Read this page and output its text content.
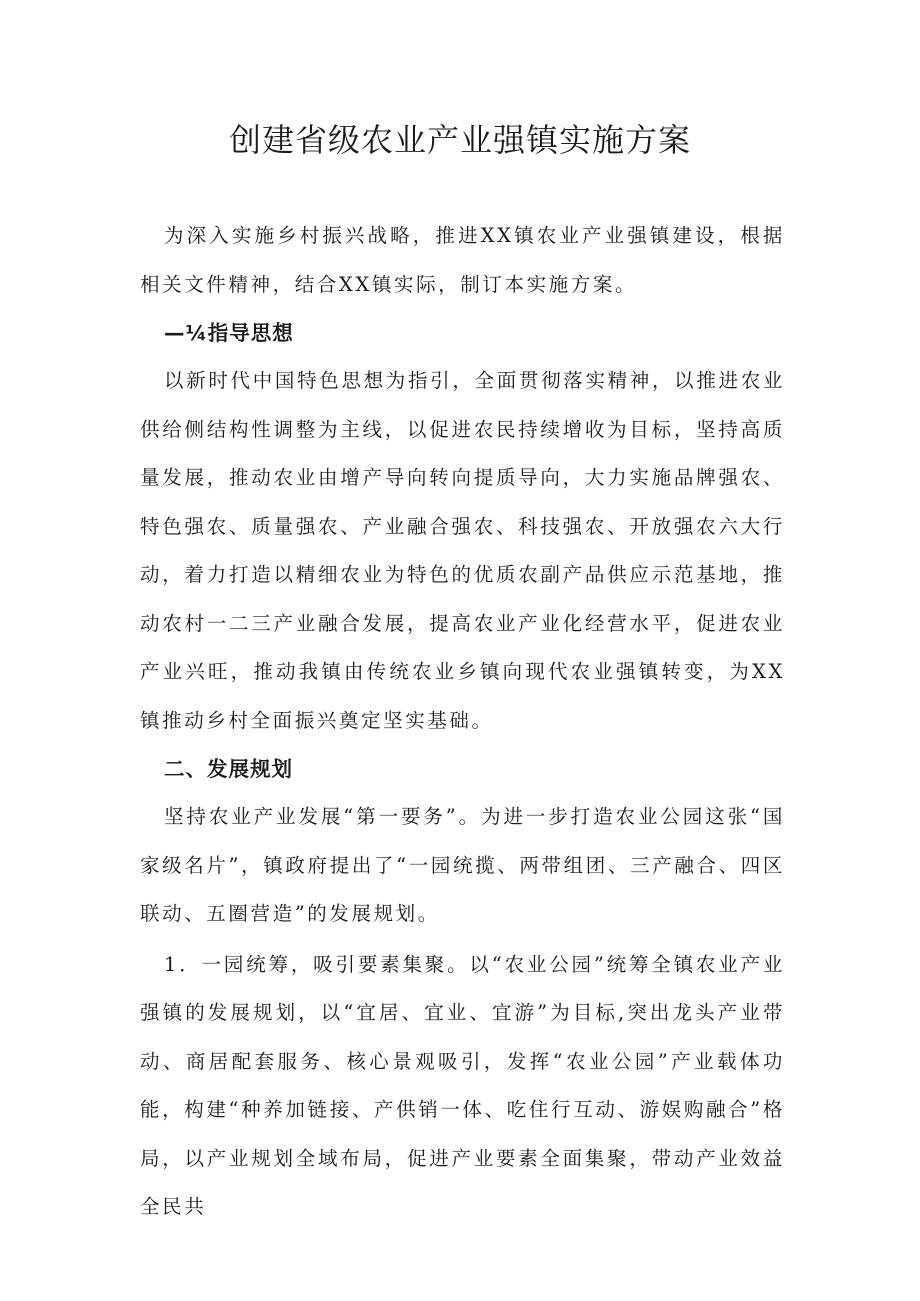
创建省级农业产业强镇实施方案

为深入实施乡村振兴战略，推进XX镇农业产业强镇建设，根据相关文件精神，结合XX镇实际，制订本实施方案。

—¼指导思想

以新时代中国特色思想为指引，全面贯彻落实精神，以推进农业供给侧结构性调整为主线，以促进农民持续增收为目标，坚持高质量发展，推动农业由增产导向转向提质导向，大力实施品牌强农、特色强农、质量强农、产业融合强农、科技强农、开放强农六大行动，着力打造以精细农业为特色的优质农副产品供应示范基地，推动农村一二三产业融合发展，提高农业产业化经营水平，促进农业产业兴旺，推动我镇由传统农业乡镇向现代农业强镇转变，为XX镇推动乡村全面振兴奠定坚实基础。

二、发展规划

坚持农业产业发展“第一要务”。为进一步打造农业公园这张“国家级名片”，镇政府提出了“一园统揽、两带组团、三产融合、四区联动、五圈营造”的发展规划。

1．一园统筹，吸引要素集聚。以“农业公园”统筹全镇农业产业强镇的发展规划，以“宜居、宜业、宜游”为目标,突出龙头产业带动、商居配套服务、核心景观吸引，发挥“农业公园”产业载体功能，构建“种养加链接、产供销一体、吃住行互动、游娱购融合”格局，以产业规划全域布局，促进产业要素全面集聚，带动产业效益全民共
